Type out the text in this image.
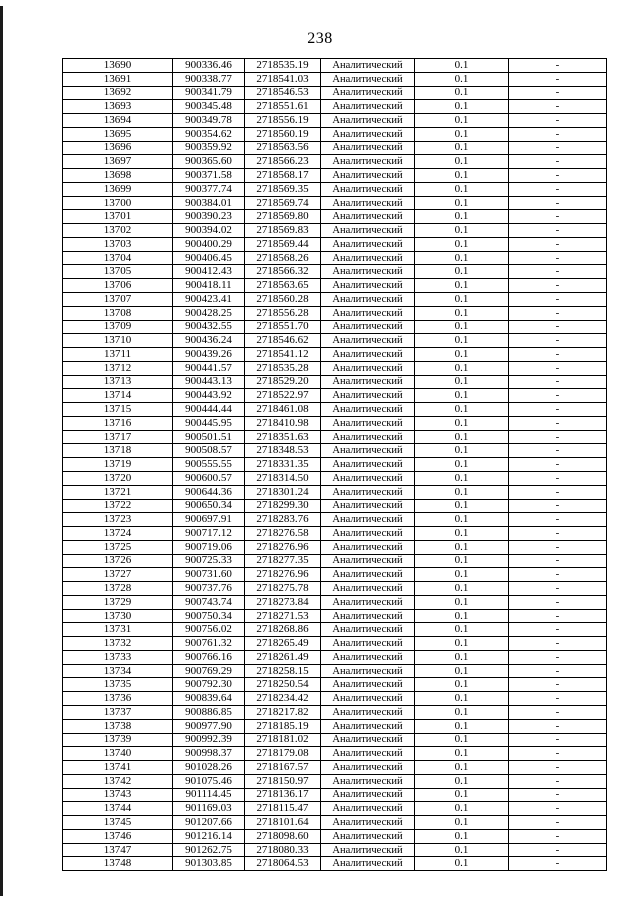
238
13690	900336.46	2718535.19	Аналитический	0.1	-
13691	900338.77	2718541.03	Аналитический	0.1	-
13692	900341.79	2718546.53	Аналитический	0.1	-
13693	900345.48	2718551.61	Аналитический	0.1	-
13694	900349.78	2718556.19	Аналитический	0.1	-
13695	900354.62	2718560.19	Аналитический	0.1	-
13696	900359.92	2718563.56	Аналитический	0.1	-
13697	900365.60	2718566.23	Аналитический	0.1	-
13698	900371.58	2718568.17	Аналитический	0.1	-
13699	900377.74	2718569.35	Аналитический	0.1	-
13700	900384.01	2718569.74	Аналитический	0.1	-
13701	900390.23	2718569.80	Аналитический	0.1	-
13702	900394.02	2718569.83	Аналитический	0.1	-
13703	900400.29	2718569.44	Аналитический	0.1	-
13704	900406.45	2718568.26	Аналитический	0.1	-
13705	900412.43	2718566.32	Аналитический	0.1	-
13706	900418.11	2718563.65	Аналитический	0.1	-
13707	900423.41	2718560.28	Аналитический	0.1	-
13708	900428.25	2718556.28	Аналитический	0.1	-
13709	900432.55	2718551.70	Аналитический	0.1	-
13710	900436.24	2718546.62	Аналитический	0.1	-
13711	900439.26	2718541.12	Аналитический	0.1	-
13712	900441.57	2718535.28	Аналитический	0.1	-
13713	900443.13	2718529.20	Аналитический	0.1	-
13714	900443.92	2718522.97	Аналитический	0.1	-
13715	900444.44	2718461.08	Аналитический	0.1	-
13716	900445.95	2718410.98	Аналитический	0.1	-
13717	900501.51	2718351.63	Аналитический	0.1	-
13718	900508.57	2718348.53	Аналитический	0.1	-
13719	900555.55	2718331.35	Аналитический	0.1	-
13720	900600.57	2718314.50	Аналитический	0.1	-
13721	900644.36	2718301.24	Аналитический	0.1	-
13722	900650.34	2718299.30	Аналитический	0.1	-
13723	900697.91	2718283.76	Аналитический	0.1	-
13724	900717.12	2718276.58	Аналитический	0.1	-
13725	900719.06	2718276.96	Аналитический	0.1	-
13726	900725.33	2718277.35	Аналитический	0.1	-
13727	900731.60	2718276.96	Аналитический	0.1	-
13728	900737.76	2718275.78	Аналитический	0.1	-
13729	900743.74	2718273.84	Аналитический	0.1	-
13730	900750.34	2718271.53	Аналитический	0.1	-
13731	900756.02	2718268.86	Аналитический	0.1	-
13732	900761.32	2718265.49	Аналитический	0.1	-
13733	900766.16	2718261.49	Аналитический	0.1	-
13734	900769.29	2718258.15	Аналитический	0.1	-
13735	900792.30	2718250.54	Аналитический	0.1	-
13736	900839.64	2718234.42	Аналитический	0.1	-
13737	900886.85	2718217.82	Аналитический	0.1	-
13738	900977.90	2718185.19	Аналитический	0.1	-
13739	900992.39	2718181.02	Аналитический	0.1	-
13740	900998.37	2718179.08	Аналитический	0.1	-
13741	901028.26	2718167.57	Аналитический	0.1	-
13742	901075.46	2718150.97	Аналитический	0.1	-
13743	901114.45	2718136.17	Аналитический	0.1	-
13744	901169.03	2718115.47	Аналитический	0.1	-
13745	901207.66	2718101.64	Аналитический	0.1	-
13746	901216.14	2718098.60	Аналитический	0.1	-
13747	901262.75	2718080.33	Аналитический	0.1	-
13748	901303.85	2718064.53	Аналитический	0.1	-
